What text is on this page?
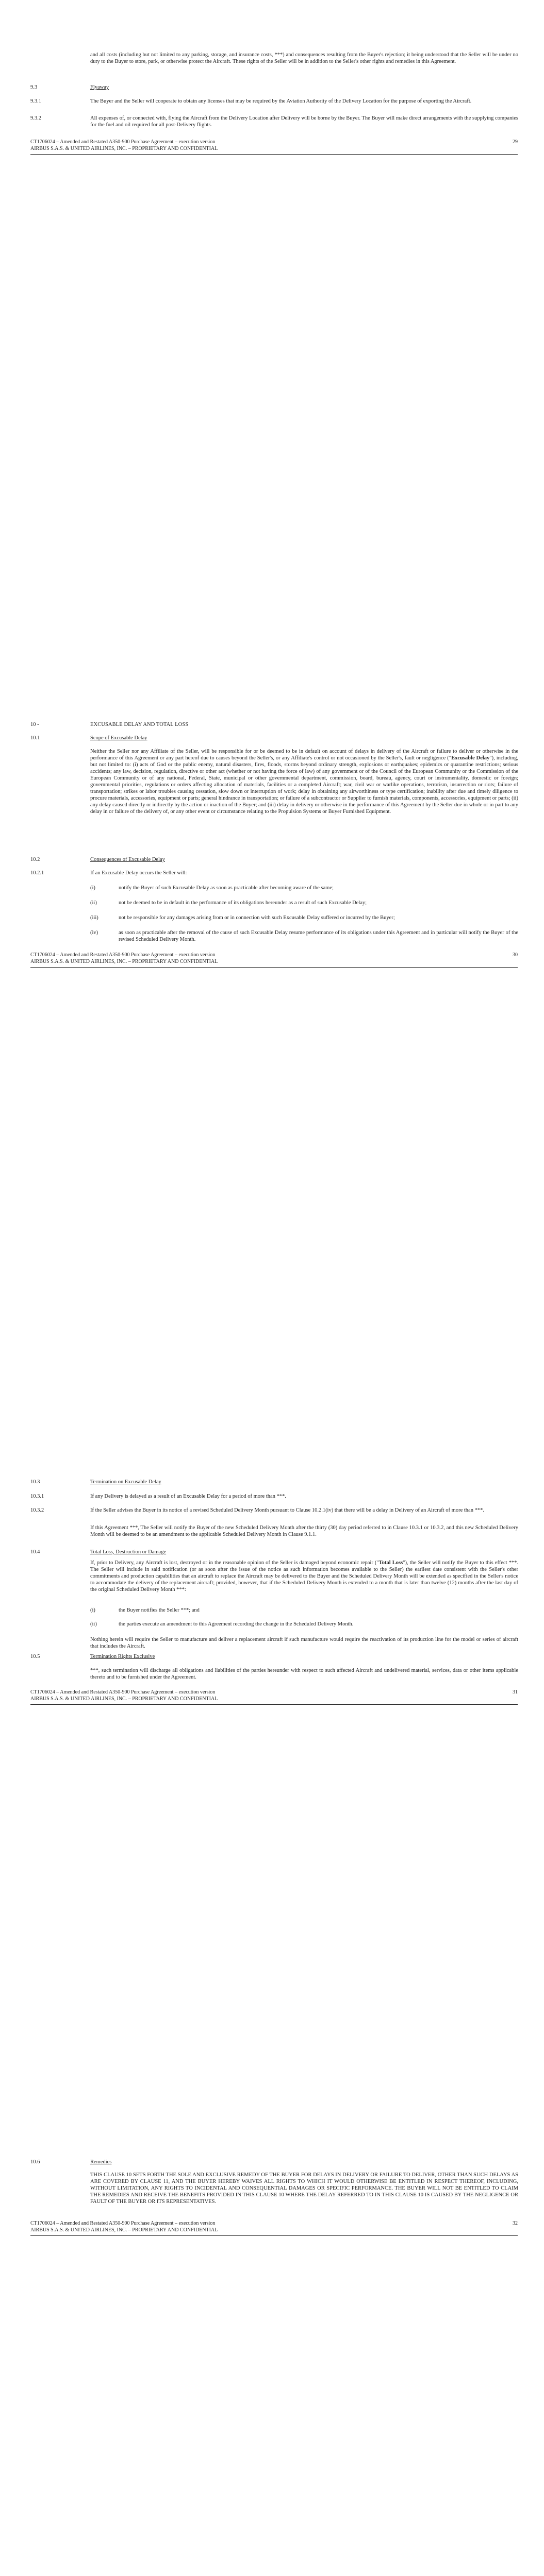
and all costs (including but not limited to any parking, storage, and insurance costs, ***) and consequences resulting from the Buyer's rejection; it being understood that the Seller will be under no duty to the Buyer to store, park, or otherwise protect the Aircraft. These rights of the Seller will be in addition to the Seller's other rights and remedies in this Agreement.

9.3	Flyaway
9.3.1	The Buyer and the Seller will cooperate to obtain any licenses that may be required by the Aviation Authority of the Delivery Location for the purpose of exporting the Aircraft.

9.3.2	All expenses of, or connected with, flying the Aircraft from the Delivery Location after Delivery will be borne by the Buyer. The Buyer will make direct arrangements with the supplying companies for the fuel and oil required for all post-Delivery flights.

CT1706024 – Amended and Restated A350-900 Purchase Agreement – execution version
AIRBUS S.A.S. & UNITED AIRLINES, INC. – PROPRIETARY AND CONFIDENTIAL
29
10 -	EXCUSABLE DELAY AND TOTAL LOSS
10.1	Scope of Excusable Delay

Neither the Seller nor any Affiliate of the Seller, will be responsible for or be deemed to be in default on account of delays in delivery of the Aircraft or failure to deliver or otherwise in the performance of this Agreement or any part hereof due to causes beyond the Seller's, or any Affiliate's control or not occasioned by the Seller's, fault or negligence ("Excusable Delay"), including, but not limited to: (i) acts of God or the public enemy, natural disasters, fires, floods, storms beyond ordinary strength, explosions or earthquakes; epidemics or quarantine restrictions; serious accidents; any law, decision, regulation, directive or other act (whether or not having the force of law) of any government or of the Council of the European Community or the Commission of the European Community or of any national, Federal, State, municipal or other governmental department, commission, board, bureau, agency, court or instrumentality, domestic or foreign; governmental priorities, regulations or orders affecting allocation of materials, facilities or a completed Aircraft; war, civil war or warlike operations, terrorism, insurrection or riots; failure of transportation; strikes or labor troubles causing cessation, slow down or interruption of work; delay in obtaining any airworthiness or type certification; inability after due and timely diligence to procure materials, accessories, equipment or parts; general hindrance in transportation; or failure of a subcontractor or Supplier to furnish materials, components, accessories, equipment or parts; (ii) any delay caused directly or indirectly by the action or inaction of the Buyer; and (iii) delay in delivery or otherwise in the performance of this Agreement by the Seller due in whole or in part to any delay in or failure of the delivery of, or any other event or circumstance relating to the Propulsion Systems or Buyer Furnished Equipment.

10.2	Consequences of Excusable Delay
10.2.1	If an Excusable Delay occurs the Seller will:
(i)	notify the Buyer of such Excusable Delay as soon as practicable after becoming aware of the same;

(ii)	not be deemed to be in default in the performance of its obligations hereunder as a result of such Excusable Delay;

(iii)	not be responsible for any damages arising from or in connection with such Excusable Delay suffered or incurred by the Buyer;

(iv)	as soon as practicable after the removal of the cause of such Excusable Delay resume performance of its obligations under this Agreement and in particular will notify the Buyer of the revised Scheduled Delivery Month.

CT1706024 – Amended and Restated A350-900 Purchase Agreement – execution version
AIRBUS S.A.S. & UNITED AIRLINES, INC. – PROPRIETARY AND CONFIDENTIAL
30
10.3	Termination on Excusable Delay
10.3.1	If any Delivery is delayed as a result of an Excusable Delay for a period of more than ***.

10.3.2	If the Seller advises the Buyer in its notice of a revised Scheduled Delivery Month pursuant to Clause 10.2.1(iv) that there will be a delay in Delivery of an Aircraft of more than ***.

If this Agreement ***, The Seller will notify the Buyer of the new Scheduled Delivery Month after the thirty (30) day period referred to in Clause 10.3.1 or 10.3.2, and this new Scheduled Delivery Month will be deemed to be an amendment to the applicable Scheduled Delivery Month in Clause 9.1.1.

10.4	Total Loss, Destruction or Damage

If, prior to Delivery, any Aircraft is lost, destroyed or in the reasonable opinion of the Seller is damaged beyond economic repair ("Total Loss"), the Seller will notify the Buyer to this effect ***. The Seller will include in said notification (or as soon after the issue of the notice as such information becomes available to the Seller) the earliest date consistent with the Seller's other commitments and production capabilities that an aircraft to replace the Aircraft may be delivered to the Buyer and the Scheduled Delivery Month will be extended as specified in the Seller's notice to accommodate the delivery of the replacement aircraft; provided, however, that if the Scheduled Delivery Month is extended to a month that is later than twelve (12) months after the last day of the original Scheduled Delivery Month ***:

(i)	the Buyer notifies the Seller ***; and

(ii)	the parties execute an amendment to this Agreement recording the change in the Scheduled Delivery Month.

Nothing herein will require the Seller to manufacture and deliver a replacement aircraft if such manufacture would require the reactivation of its production line for the model or series of aircraft that includes the Aircraft.

10.5	Termination Rights Exclusive

***, such termination will discharge all obligations and liabilities of the parties hereunder with respect to such affected Aircraft and undelivered material, services, data or other items applicable thereto and to be furnished under the Agreement.

CT1706024 – Amended and Restated A350-900 Purchase Agreement – execution version
AIRBUS S.A.S. & UNITED AIRLINES, INC. – PROPRIETARY AND CONFIDENTIAL
31
10.6	Remedies

THIS CLAUSE 10 SETS FORTH THE SOLE AND EXCLUSIVE REMEDY OF THE BUYER FOR DELAYS IN DELIVERY OR FAILURE TO DELIVER, OTHER THAN SUCH DELAYS AS ARE COVERED BY CLAUSE 11, AND THE BUYER HEREBY WAIVES ALL RIGHTS TO WHICH IT WOULD OTHERWISE BE ENTITLED IN RESPECT THEREOF, INCLUDING, WITHOUT LIMITATION, ANY RIGHTS TO INCIDENTAL AND CONSEQUENTIAL DAMAGES OR SPECIFIC PERFORMANCE. THE BUYER WILL NOT BE ENTITLED TO CLAIM THE REMEDIES AND RECEIVE THE BENEFITS PROVIDED IN THIS CLAUSE 10 WHERE THE DELAY REFERRED TO IN THIS CLAUSE 10 IS CAUSED BY THE NEGLIGENCE OR FAULT OF THE BUYER OR ITS REPRESENTATIVES.

CT1706024 – Amended and Restated A350-900 Purchase Agreement – execution version
AIRBUS S.A.S. & UNITED AIRLINES, INC. – PROPRIETARY AND CONFIDENTIAL
32
